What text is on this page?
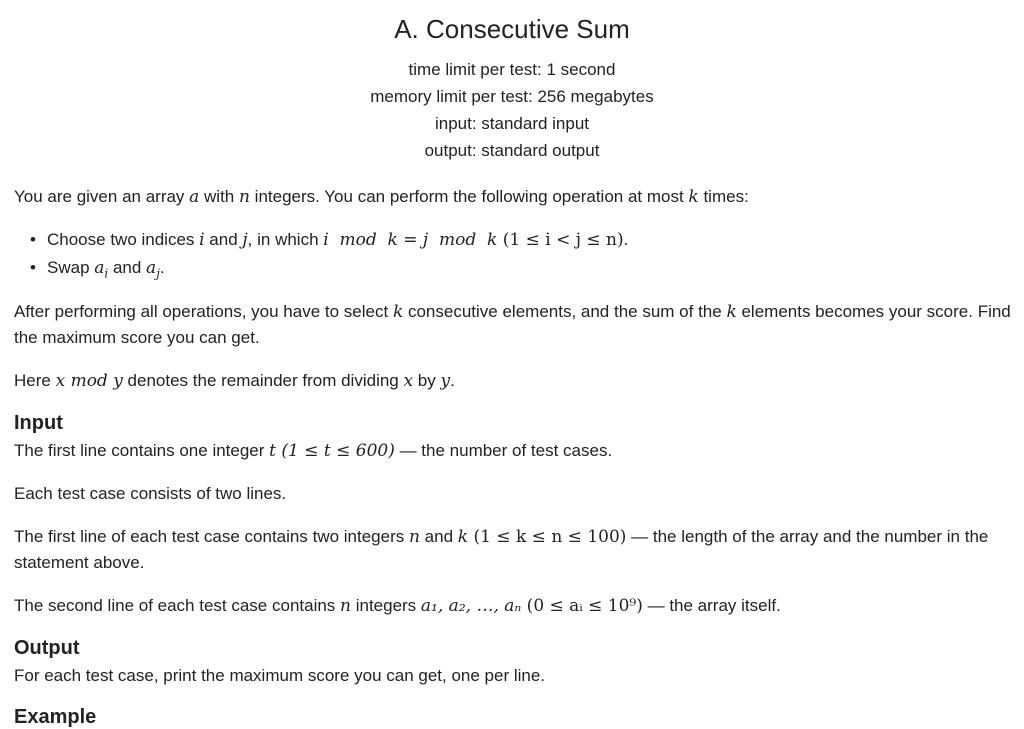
A. Consecutive Sum
time limit per test: 1 second
memory limit per test: 256 megabytes
input: standard input
output: standard output
You are given an array a with n integers. You can perform the following operation at most k times:
• Choose two indices i and j, in which i  mod  k = j  mod  k (1 ≤ i < j ≤ n).
• Swap $a_i$ and $a_j$.
After performing all operations, you have to select k consecutive elements, and the sum of the k elements becomes your score. Find the maximum score you can get.
Here x mod y denotes the remainder from dividing x by y.
Input
The first line contains one integer t (1 ≤ t ≤ 600) — the number of test cases.
Each test case consists of two lines.
The first line of each test case contains two integers n and k (1 ≤ k ≤ n ≤ 100) — the length of the array and the number in the statement above.
The second line of each test case contains n integers a₁, a₂, …, aₙ (0 ≤ aᵢ ≤ 10⁹) — the array itself.
Output
For each test case, print the maximum score you can get, one per line.
Example
